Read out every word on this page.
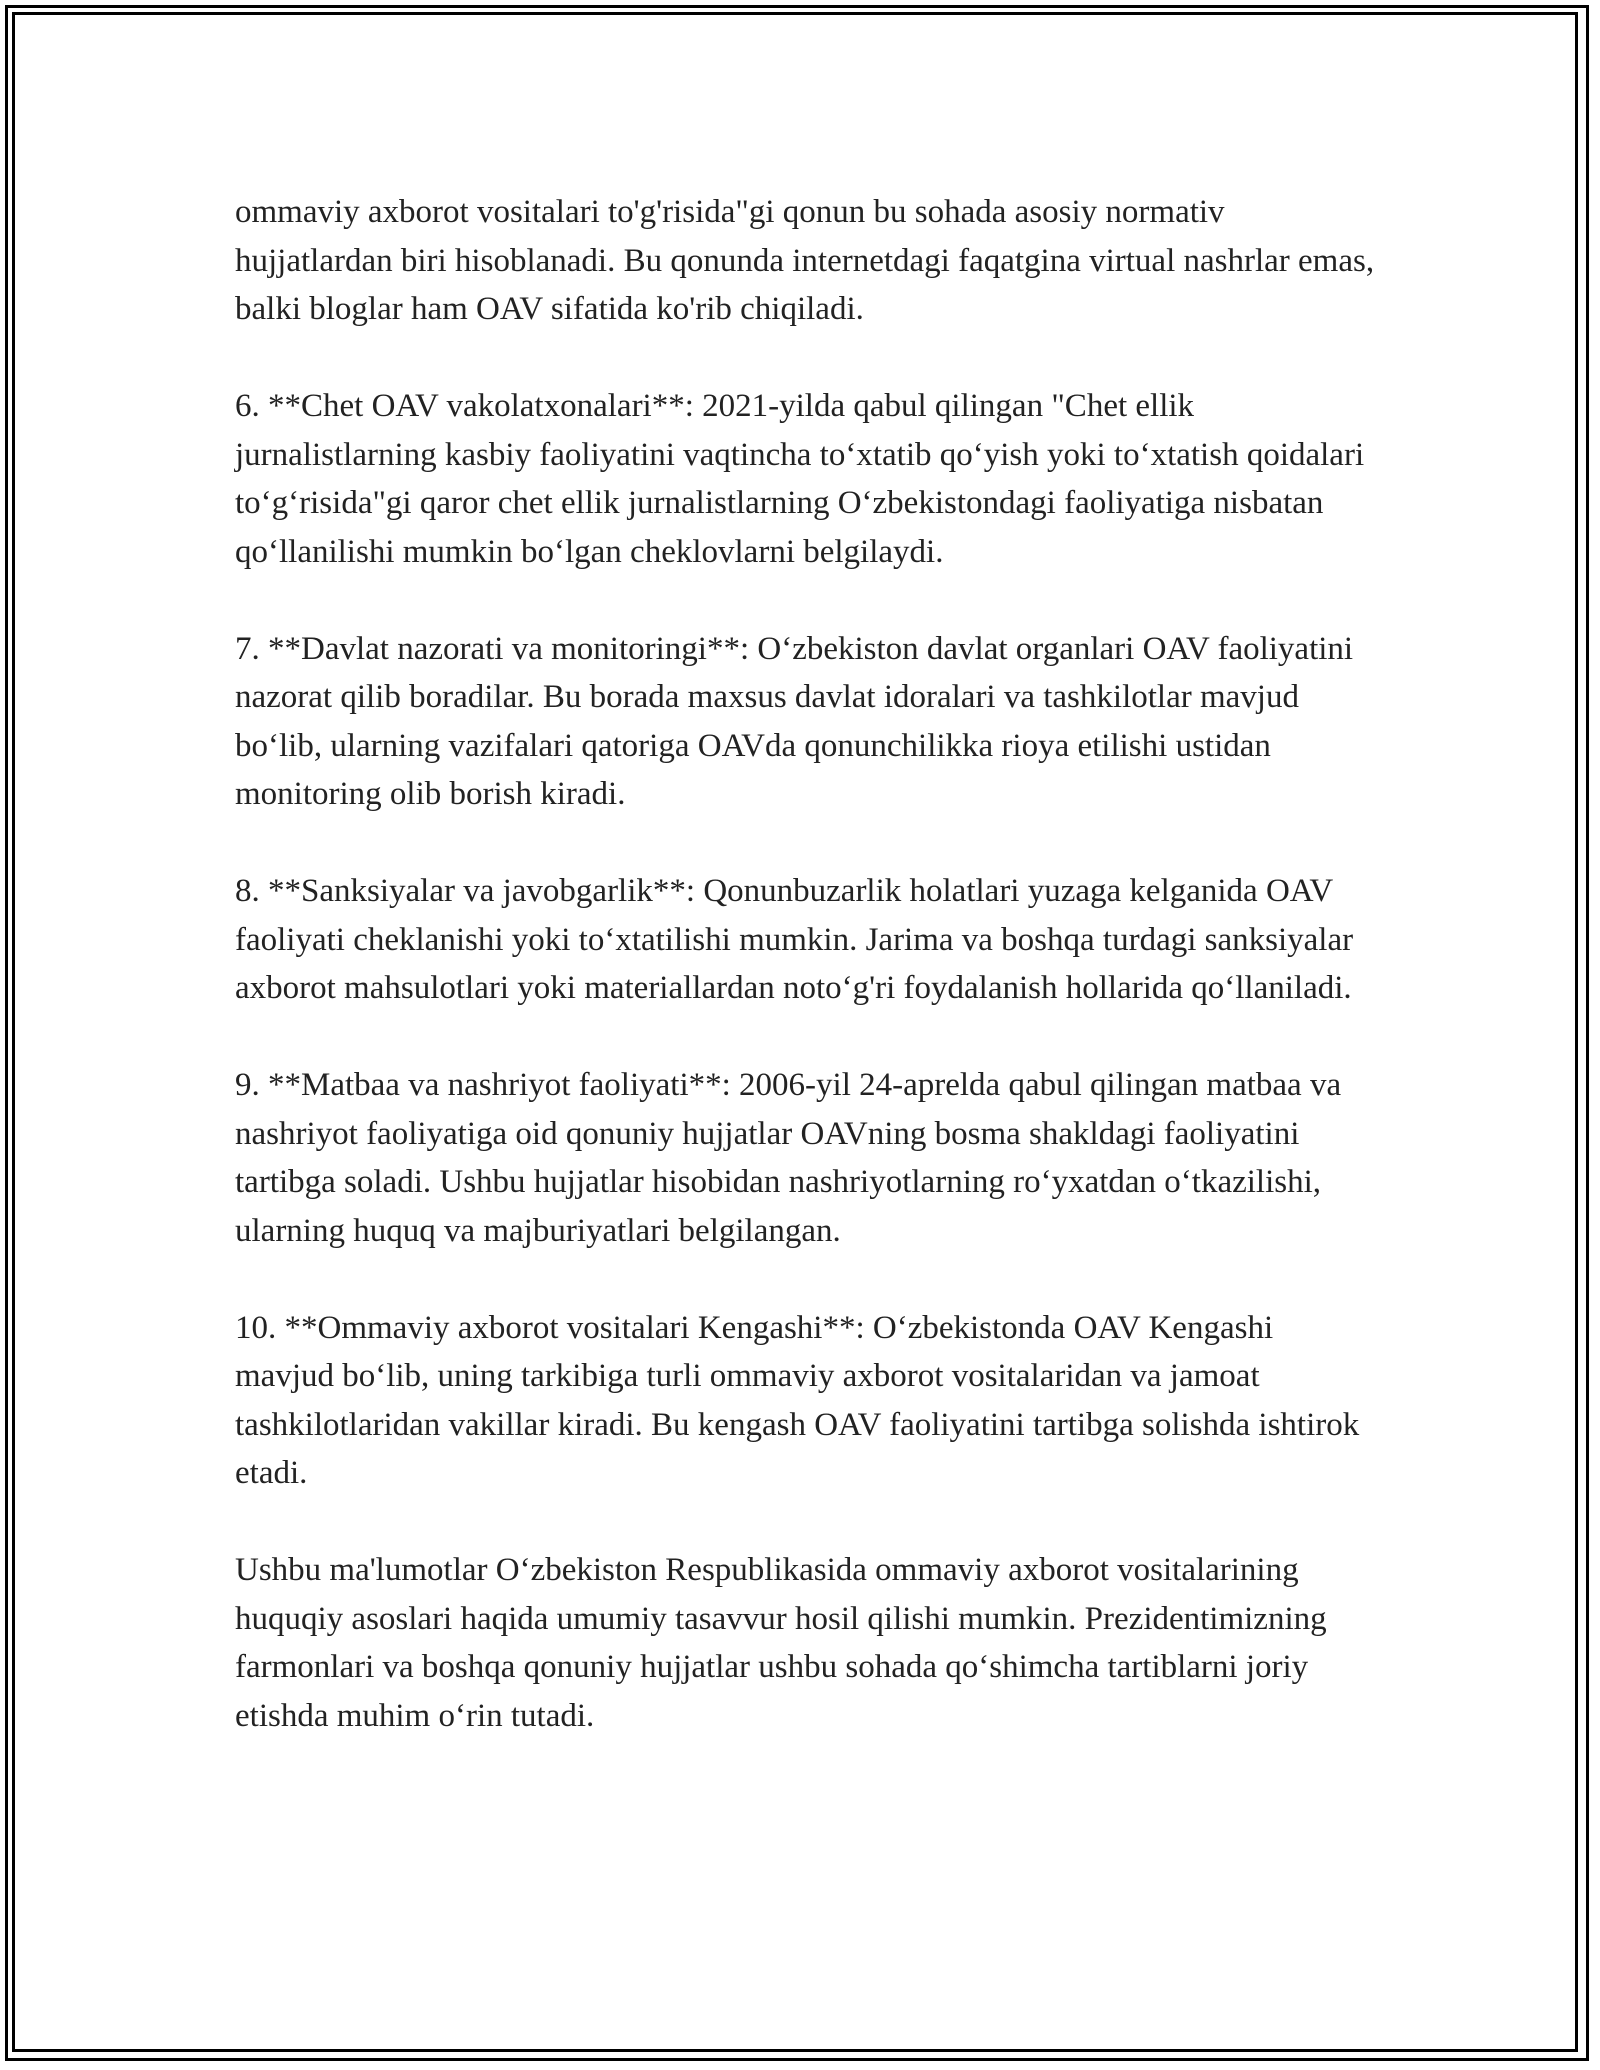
ommaviy axborot vositalari to'g'risida"gi qonun bu sohada asosiy normativ hujjatlardan biri hisoblanadi. Bu qonunda internetdagi faqatgina virtual nashrlar emas, balki bloglar ham OAV sifatida ko'rib chiqiladi.

6. **Chet OAV vakolatxonalari**: 2021-yilda qabul qilingan "Chet ellik jurnalistlarning kasbiy faoliyatini vaqtincha to‘xtatib qo‘yish yoki to‘xtatish qoidalari to‘g‘risida"gi qaror chet ellik jurnalistlarning O‘zbekistondagi faoliyatiga nisbatan qo‘llanilishi mumkin bo‘lgan cheklovlarni belgilaydi.

7. **Davlat nazorati va monitoringi**: O‘zbekiston davlat organlari OAV faoliyatini nazorat qilib boradilar. Bu borada maxsus davlat idoralari va tashkilotlar mavjud bo‘lib, ularning vazifalari qatoriga OAVda qonunchilikka rioya etilishi ustidan monitoring olib borish kiradi.

8. **Sanksiyalar va javobgarlik**: Qonunbuzarlik holatlari yuzaga kelganida OAV faoliyati cheklanishi yoki to‘xtatilishi mumkin. Jarima va boshqa turdagi sanksiyalar axborot mahsulotlari yoki materiallardan noto‘g'ri foydalanish hollarida qo‘llaniladi.

9. **Matbaa va nashriyot faoliyati**: 2006-yil 24-aprelda qabul qilingan matbaa va nashriyot faoliyatiga oid qonuniy hujjatlar OAVning bosma shakldagi faoliyatini tartibga soladi. Ushbu hujjatlar hisobidan nashriyotlarning ro‘yxatdan o‘tkazilishi, ularning huquq va majburiyatlari belgilangan.

10. **Ommaviy axborot vositalari Kengashi**: O‘zbekistonda OAV Kengashi mavjud bo‘lib, uning tarkibiga turli ommaviy axborot vositalaridan va jamoat tashkilotlaridan vakillar kiradi. Bu kengash OAV faoliyatini tartibga solishda ishtirok etadi.

Ushbu ma'lumotlar O‘zbekiston Respublikasida ommaviy axborot vositalarining huquqiy asoslari haqida umumiy tasavvur hosil qilishi mumkin. Prezidentimizning farmonlari va boshqa qonuniy hujjatlar ushbu sohada qo‘shimcha tartiblarni joriy etishda muhim o‘rin tutadi.
